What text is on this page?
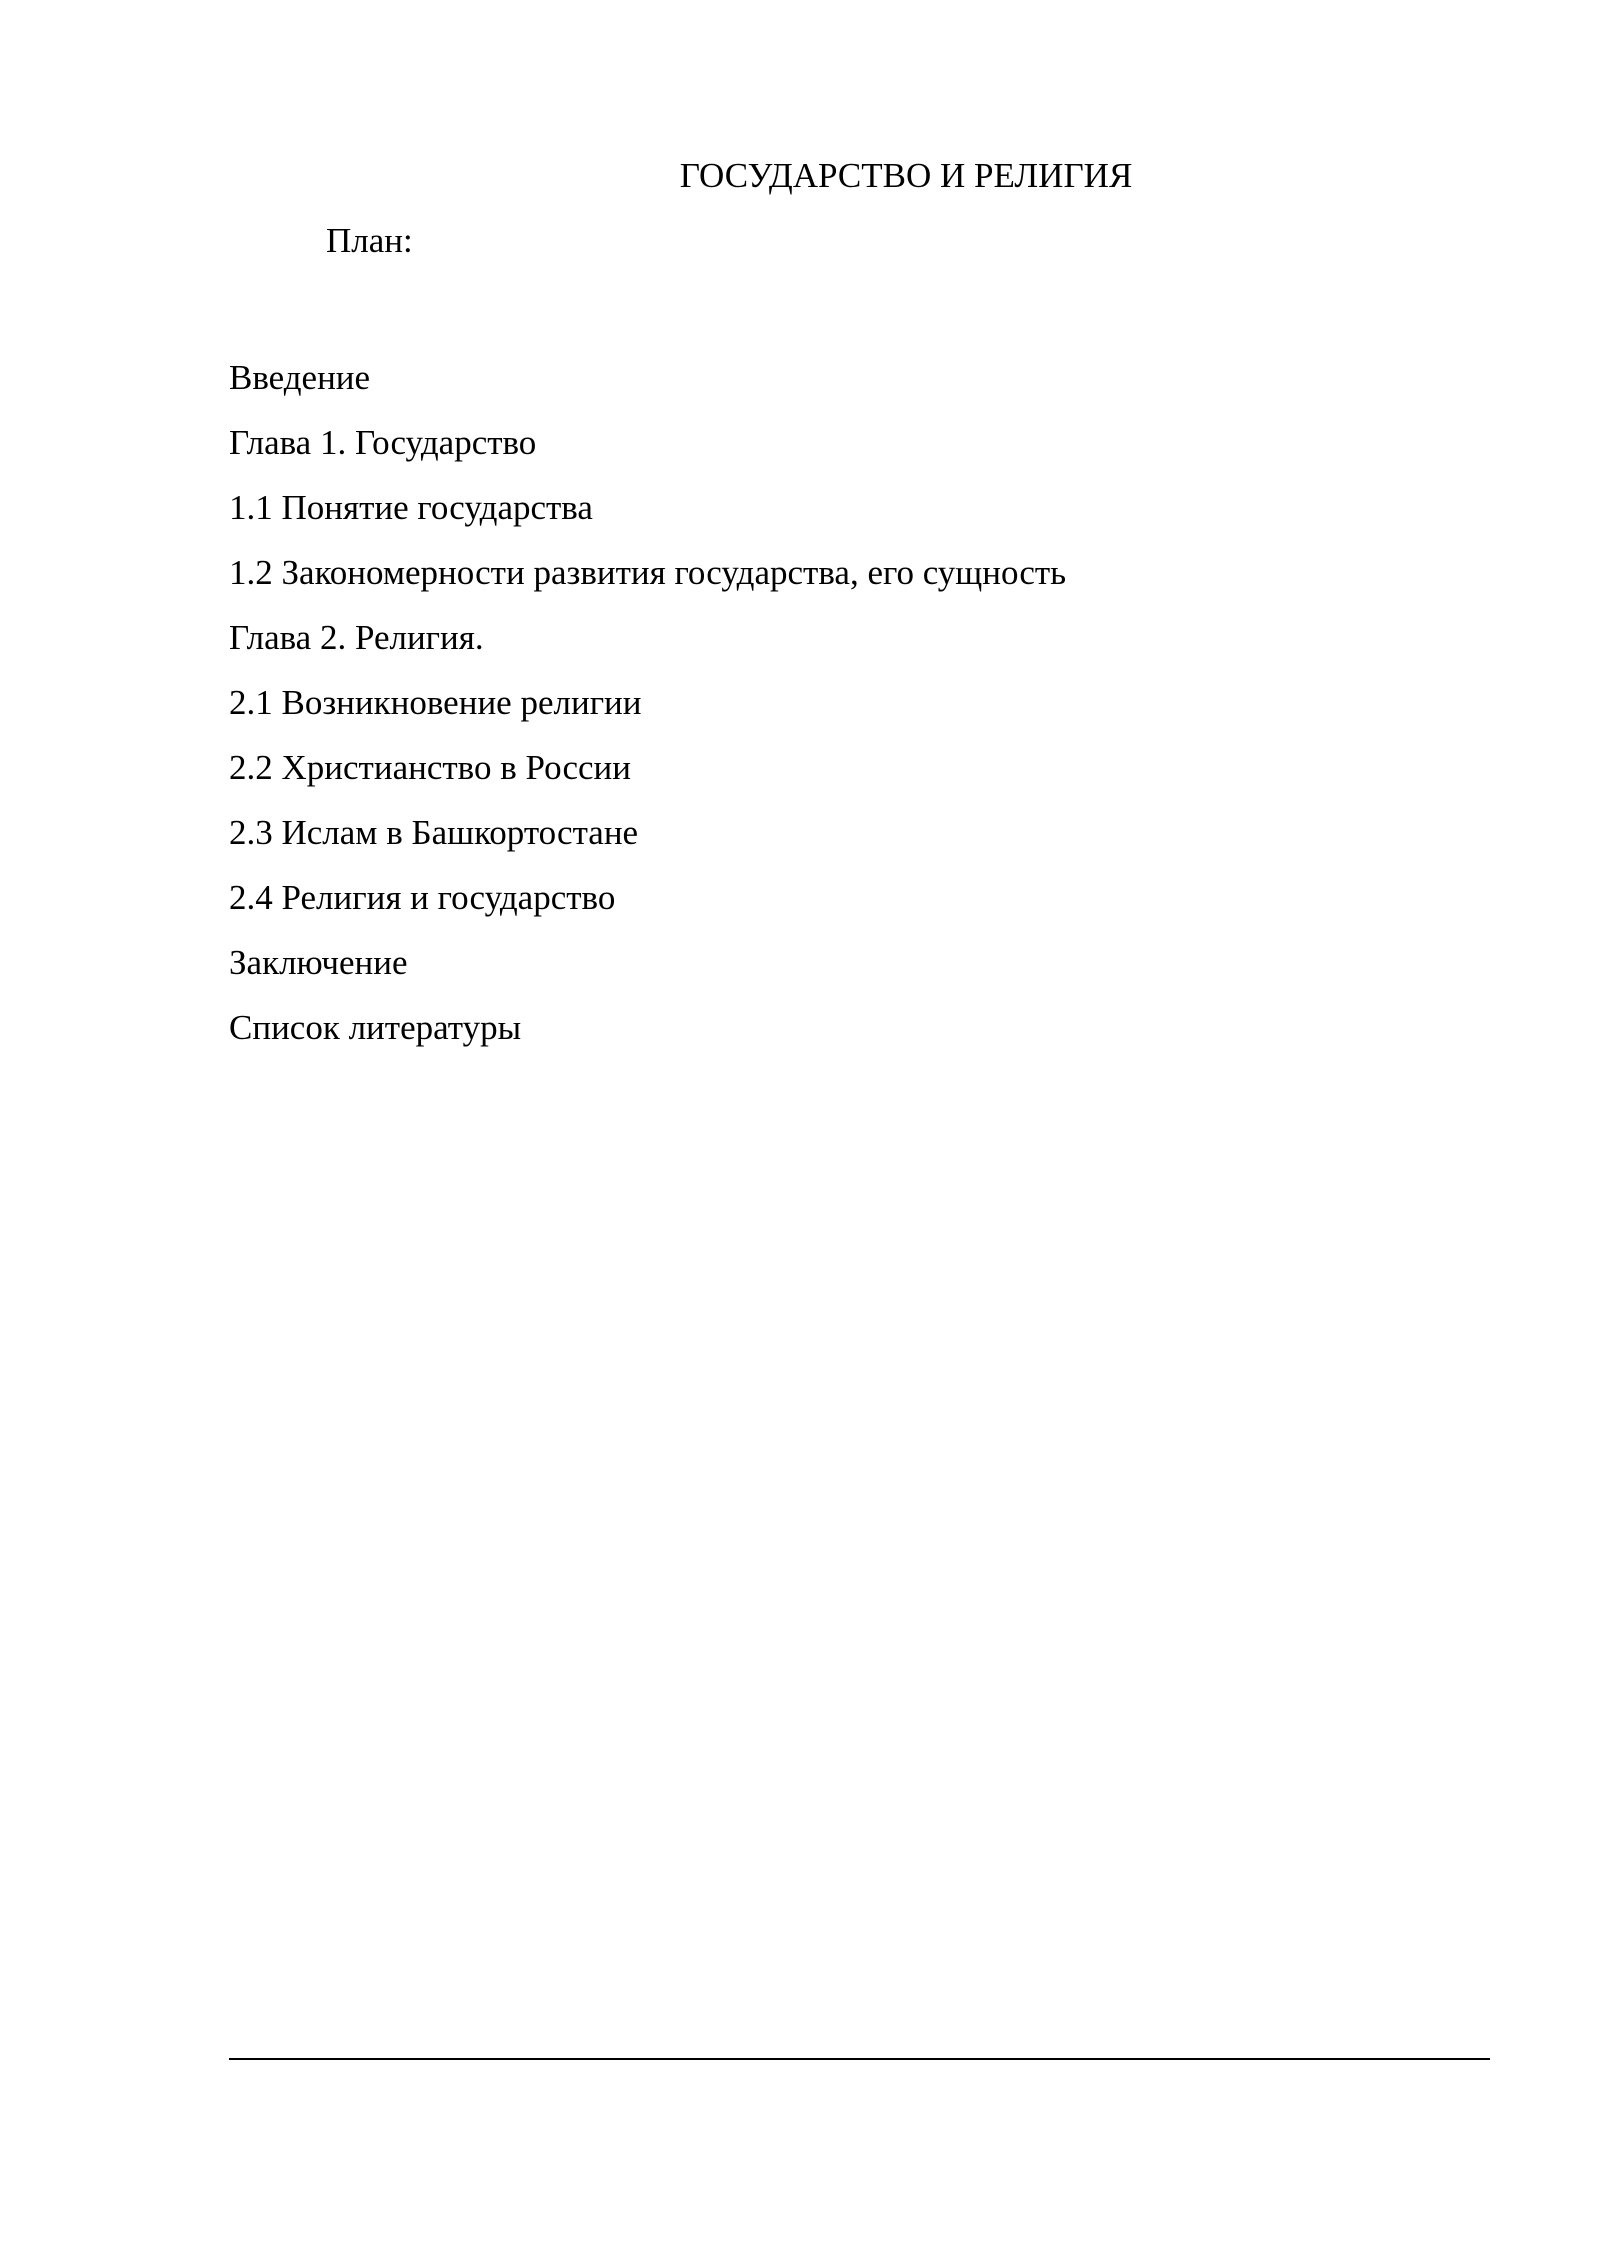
ГОСУДАРСТВО И РЕЛИГИЯ
План:
Введение
Глава 1. Государство
1.1 Понятие государства
1.2 Закономерности развития государства, его сущность
Глава 2. Религия.
2.1 Возникновение религии
2.2 Христианство в России
2.3 Ислам в Башкортостане
2.4 Религия и государство
Заключение
Список литературы
